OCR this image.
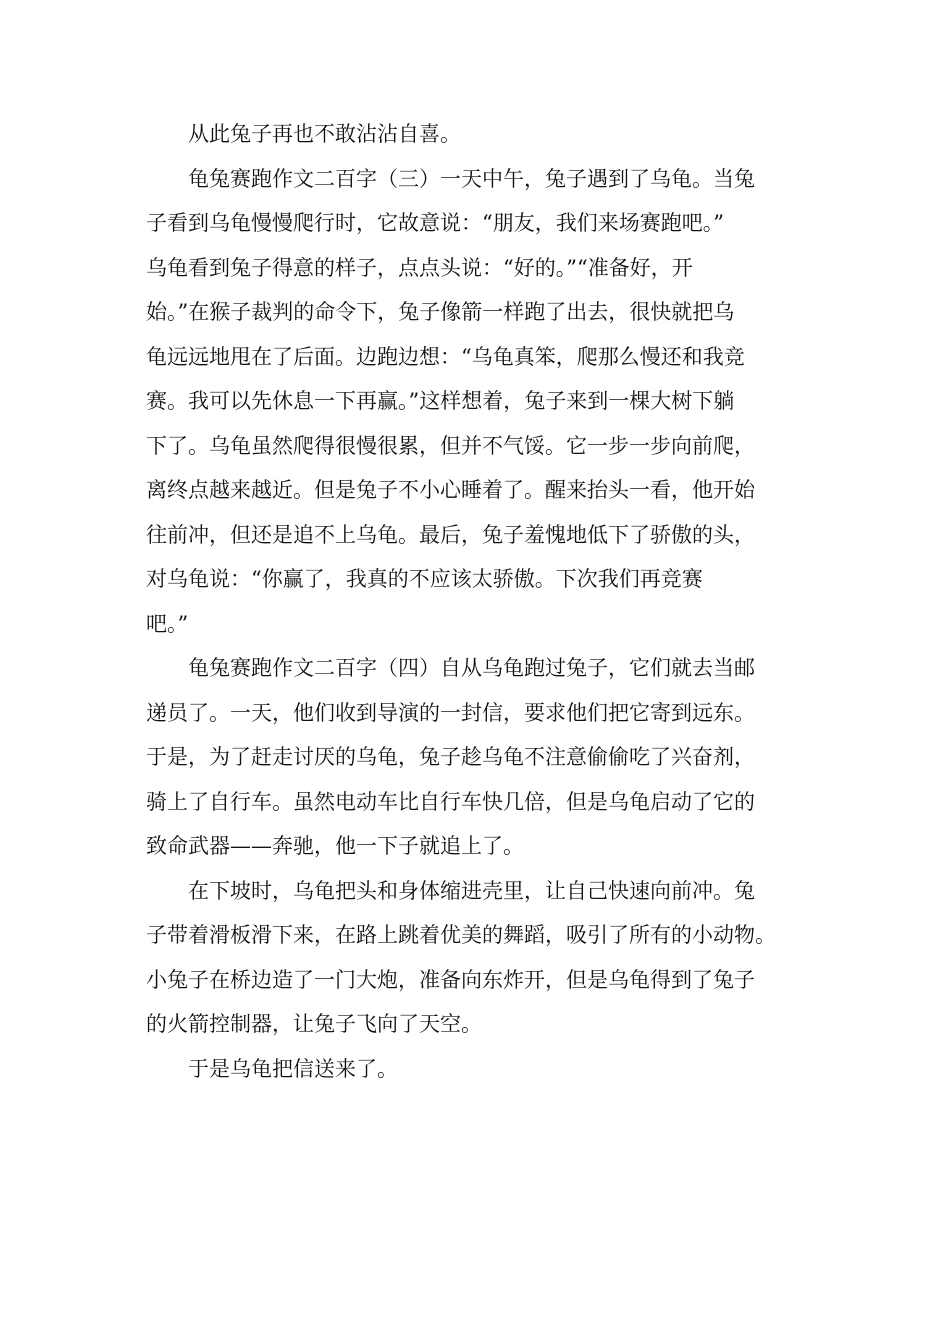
从此兔子再也不敢沾沾自喜。
龟兔赛跑作文二百字（三）一天中午，兔子遇到了乌龟。当兔
子看到乌龟慢慢爬行时，它故意说：“朋友，我们来场赛跑吧。”
乌龟看到兔子得意的样子，点点头说：“好的。”“准备好，开
始。”在猴子裁判的命令下，兔子像箭一样跑了出去，很快就把乌
龟远远地甩在了后面。边跑边想：“乌龟真笨，爬那么慢还和我竞
赛。我可以先休息一下再赢。”这样想着，兔子来到一棵大树下躺
下了。乌龟虽然爬得很慢很累，但并不气馁。它一步一步向前爬，
离终点越来越近。但是兔子不小心睡着了。醒来抬头一看，他开始
往前冲，但还是追不上乌龟。最后，兔子羞愧地低下了骄傲的头，
对乌龟说：“你赢了，我真的不应该太骄傲。下次我们再竞赛
吧。”
龟兔赛跑作文二百字（四）自从乌龟跑过兔子，它们就去当邮
递员了。一天，他们收到导演的一封信，要求他们把它寄到远东。
于是，为了赶走讨厌的乌龟，兔子趁乌龟不注意偷偷吃了兴奋剂，
骑上了自行车。虽然电动车比自行车快几倍，但是乌龟启动了它的
致命武器——奔驰，他一下子就追上了。
在下坡时，乌龟把头和身体缩进壳里，让自己快速向前冲。兔
子带着滑板滑下来，在路上跳着优美的舞蹈，吸引了所有的小动物。
小兔子在桥边造了一门大炮，准备向东炸开，但是乌龟得到了兔子
的火箭控制器，让兔子飞向了天空。
于是乌龟把信送来了。
